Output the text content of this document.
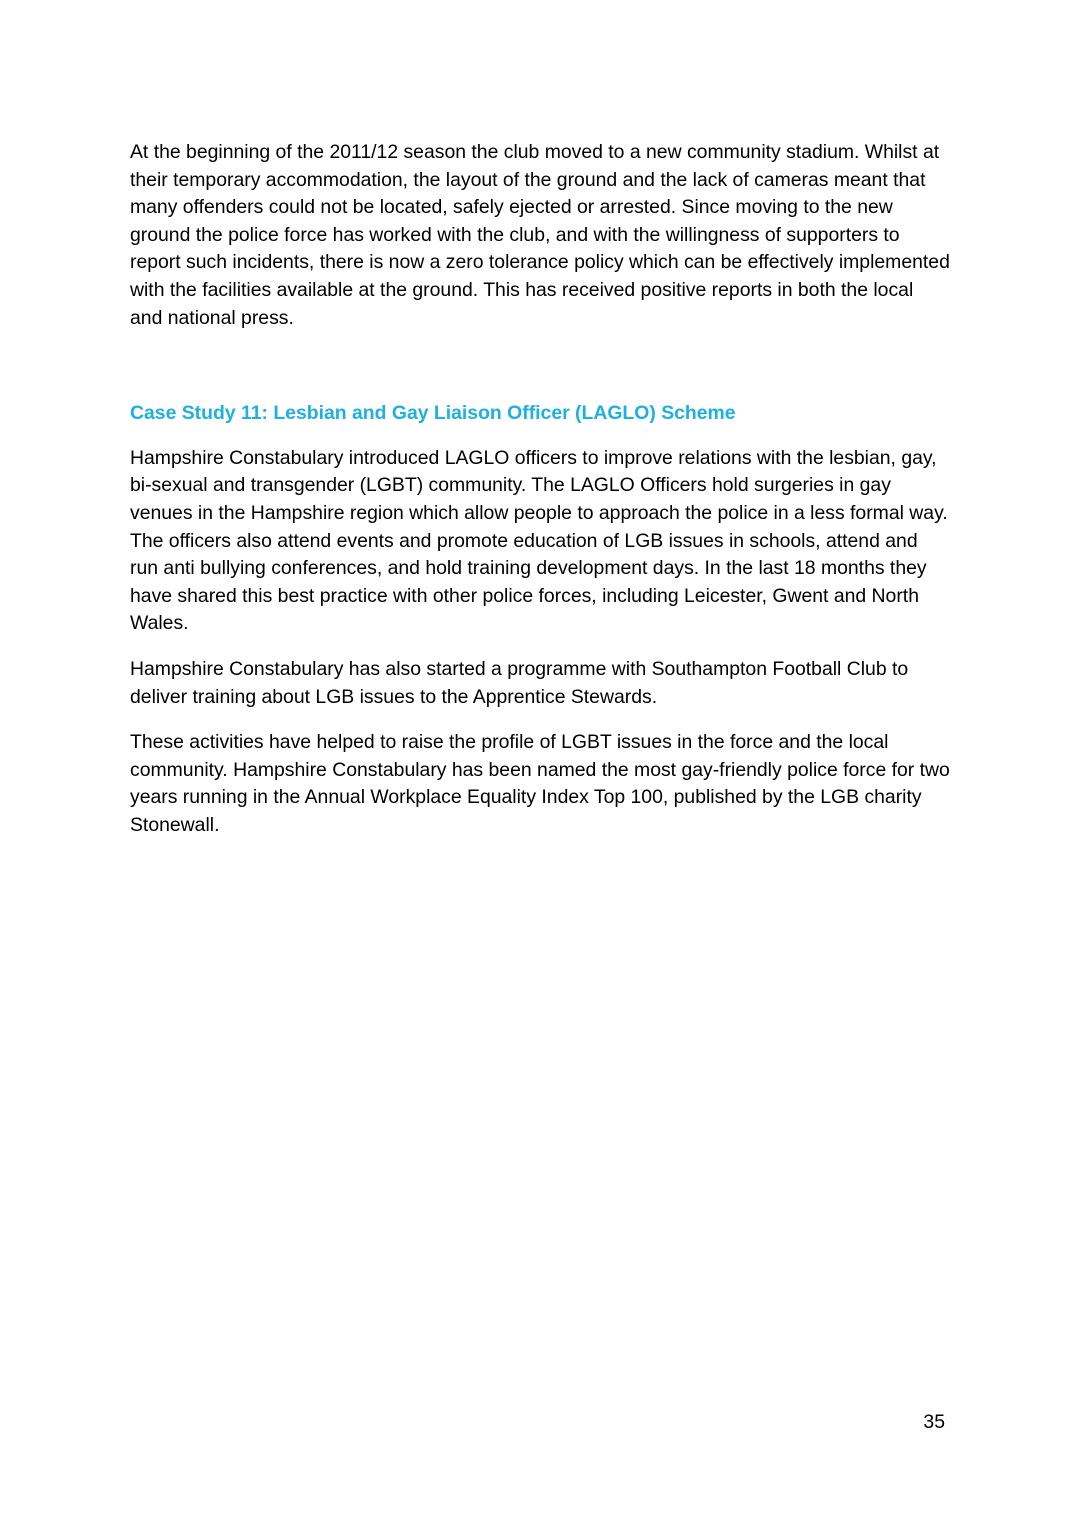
At the beginning of the 2011/12 season the club moved to a new community stadium. Whilst at their temporary accommodation, the layout of the ground and the lack of cameras meant that many offenders could not be located, safely ejected or arrested. Since moving to the new ground the police force has worked with the club, and with the willingness of supporters to report such incidents, there is now a zero tolerance policy which can be effectively implemented with the facilities available at the ground. This has received positive reports in both the local and national press.

Case Study 11: Lesbian and Gay Liaison Officer (LAGLO) Scheme

Hampshire Constabulary introduced LAGLO officers to improve relations with the lesbian, gay, bi-sexual and transgender (LGBT) community. The LAGLO Officers hold surgeries in gay venues in the Hampshire region which allow people to approach the police in a less formal way. The officers also attend events and promote education of LGB issues in schools, attend and run anti bullying conferences, and hold training development days. In the last 18 months they have shared this best practice with other police forces, including Leicester, Gwent and North Wales.

Hampshire Constabulary has also started a programme with Southampton Football Club to deliver training about LGB issues to the Apprentice Stewards.

These activities have helped to raise the profile of LGBT issues in the force and the local community. Hampshire Constabulary has been named the most gay-friendly police force for two years running in the Annual Workplace Equality Index Top 100, published by the LGB charity Stonewall.

35
